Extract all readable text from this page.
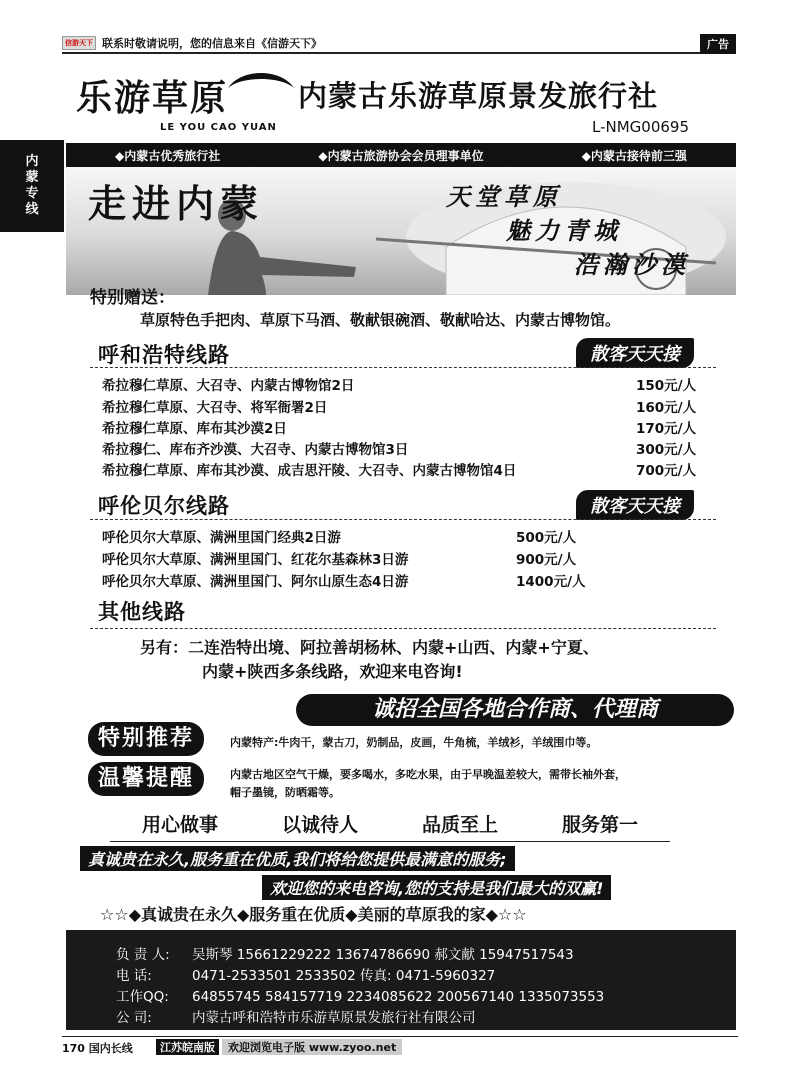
信游天下 联系时敬请说明，您的信息来自《信游天下》	广告
内蒙专线
乐游草原
LE YOU CAO YUAN
内蒙古乐游草原景发旅行社
L-NMG00695
◆内蒙古优秀旅行社	◆内蒙古旅游协会会员理事单位	◆内蒙古接待前三强
走进内蒙	天堂草原
魅力青城
浩瀚沙漠
特别赠送：
草原特色手把肉、草原下马酒、敬献银碗酒、敬献哈达、内蒙古博物馆。
呼和浩特线路	散客天天接
希拉穆仁草原、大召寺、内蒙古博物馆2日	150元/人
希拉穆仁草原、大召寺、将军衙署2日	160元/人
希拉穆仁草原、库布其沙漠2日	170元/人
希拉穆仁、库布齐沙漠、大召寺、内蒙古博物馆3日	300元/人
希拉穆仁草原、库布其沙漠、成吉思汗陵、大召寺、内蒙古博物馆4日	700元/人
呼伦贝尔线路	散客天天接
呼伦贝尔大草原、满洲里国门经典2日游	500元/人
呼伦贝尔大草原、满洲里国门、红花尔基森林3日游	900元/人
呼伦贝尔大草原、满洲里国门、阿尔山原生态4日游	1400元/人
其他线路
另有：二连浩特出境、阿拉善胡杨林、内蒙+山西、内蒙+宁夏、
内蒙+陕西多条线路，欢迎来电咨询!
诚招全国各地合作商、代理商
特别推荐	内蒙特产:牛肉干，蒙古刀，奶制品，皮画，牛角梳，羊绒衫，羊绒围巾等。
温馨提醒	内蒙古地区空气干燥，要多喝水，多吃水果，由于早晚温差较大，需带长袖外套，
帽子墨镜，防晒霜等。
用心做事	以诚待人	品质至上	服务第一
真诚贵在永久,服务重在优质,我们将给您提供最满意的服务;
欢迎您的来电咨询,您的支持是我们最大的双赢!
☆☆◆真诚贵在永久◆服务重在优质◆美丽的草原我的家◆☆☆
负 责 人: 吴斯琴 15661229222 13674786690 郝文献 15947517543
电 话:	0471-2533501 2533502 传真: 0471-5960327
工作QQ: 64855745 584157719 2234085622 200567140 1335073553
公 司:	内蒙古呼和浩特市乐游草原景发旅行社有限公司
170 国内长线	江苏皖南版	欢迎浏览电子版 www.zyoo.net
